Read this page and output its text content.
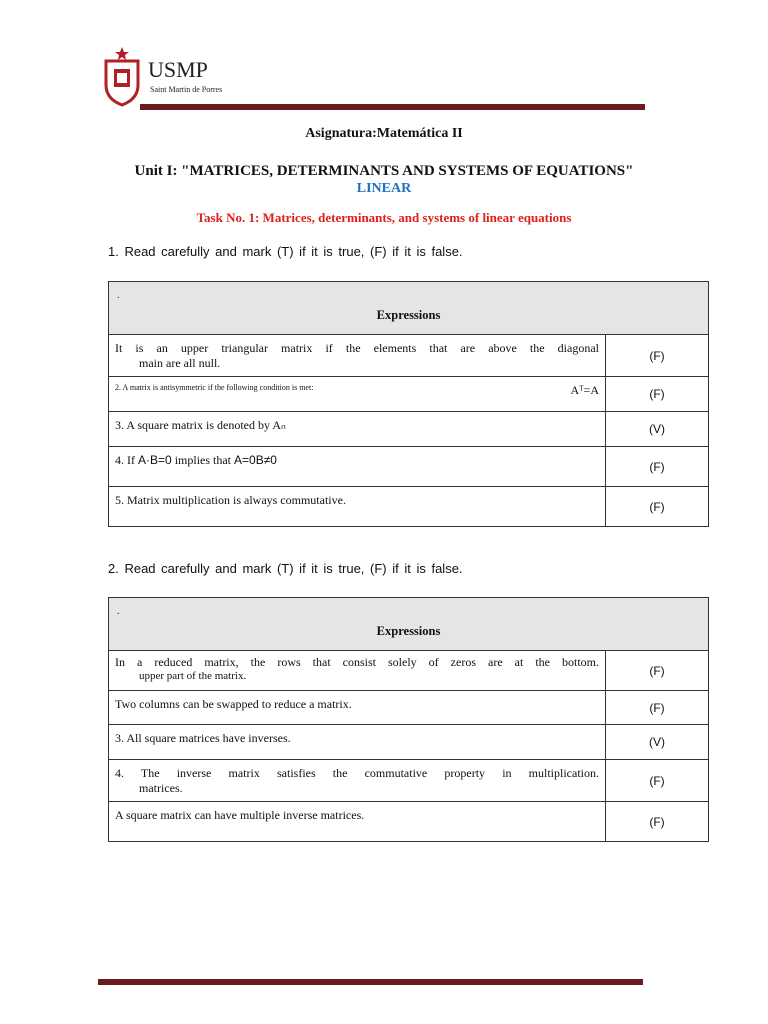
USMP
Saint Martin de Porres
Asignatura:Matemática II
Unit I: "MATRICES, DETERMINANTS AND SYSTEMS OF EQUATIONS"
LINEAR
Task No. 1: Matrices, determinants, and systems of linear equations
1. Read carefully and mark (T) if it is true, (F) if it is false.
.
Expressions	

It is an upper triangular matrix if the elements that are above the diagonal
main are all null.	(F)

2. A matrix is antisymmetric if the following condition is met: Aᵀ=A	(F)

3. A square matrix is denoted by Aₙ	(V)

4. If A·B=0 implies that A=0B≠0	(F)

5. Matrix multiplication is always commutative.	(F)
2. Read carefully and mark (T) if it is true, (F) if it is false.
.
Expressions	

In a reduced matrix, the rows that consist solely of zeros are at the bottom.
upper part of the matrix.	(F)

Two columns can be swapped to reduce a matrix.	(F)

3. All square matrices have inverses.	(V)

4. The inverse matrix satisfies the commutative property in multiplication.
matrices.	(F)

A square matrix can have multiple inverse matrices.	(F)
